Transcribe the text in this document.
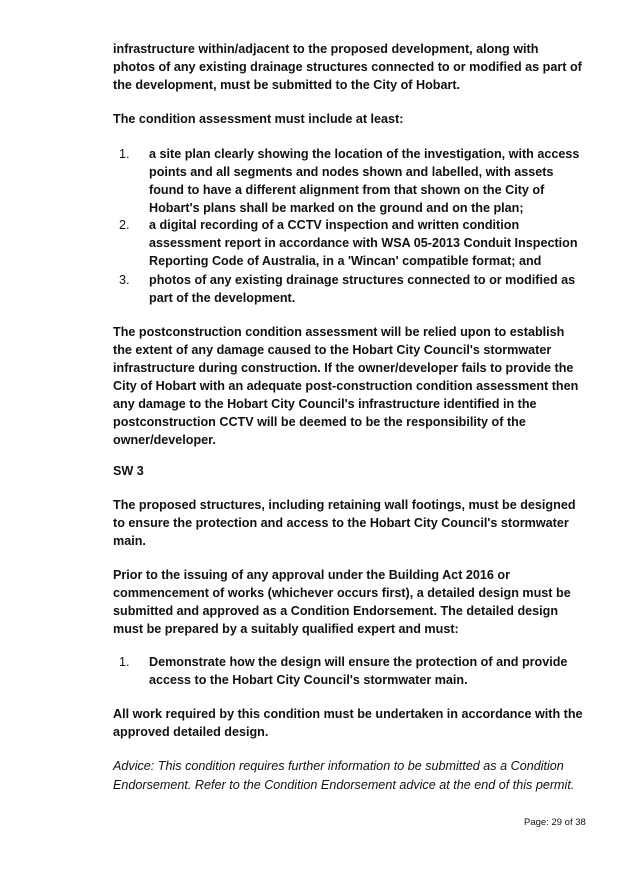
infrastructure within/adjacent to the proposed development, along with photos of any existing drainage structures connected to or modified as part of the development, must be submitted to the City of Hobart.

The condition assessment must include at least:

1. a site plan clearly showing the location of the investigation, with access points and all segments and nodes shown and labelled, with assets found to have a different alignment from that shown on the City of Hobart's plans shall be marked on the ground and on the plan;

2. a digital recording of a CCTV inspection and written condition assessment report in accordance with WSA 05-2013 Conduit Inspection Reporting Code of Australia, in a 'Wincan' compatible format; and

3. photos of any existing drainage structures connected to or modified as part of the development.

The postconstruction condition assessment will be relied upon to establish the extent of any damage caused to the Hobart City Council's stormwater infrastructure during construction. If the owner/developer fails to provide the City of Hobart with an adequate post-construction condition assessment then any damage to the Hobart City Council's infrastructure identified in the postconstruction CCTV will be deemed to be the responsibility of the owner/developer.

SW 3

The proposed structures, including retaining wall footings, must be designed to ensure the protection and access to the Hobart City Council's stormwater main.

Prior to the issuing of any approval under the Building Act 2016 or commencement of works (whichever occurs first), a detailed design must be submitted and approved as a Condition Endorsement. The detailed design must be prepared by a suitably qualified expert and must:

1. Demonstrate how the design will ensure the protection of and provide access to the Hobart City Council's stormwater main.

All work required by this condition must be undertaken in accordance with the approved detailed design.

Advice: This condition requires further information to be submitted as a Condition Endorsement. Refer to the Condition Endorsement advice at the end of this permit.

Page: 29 of 38
